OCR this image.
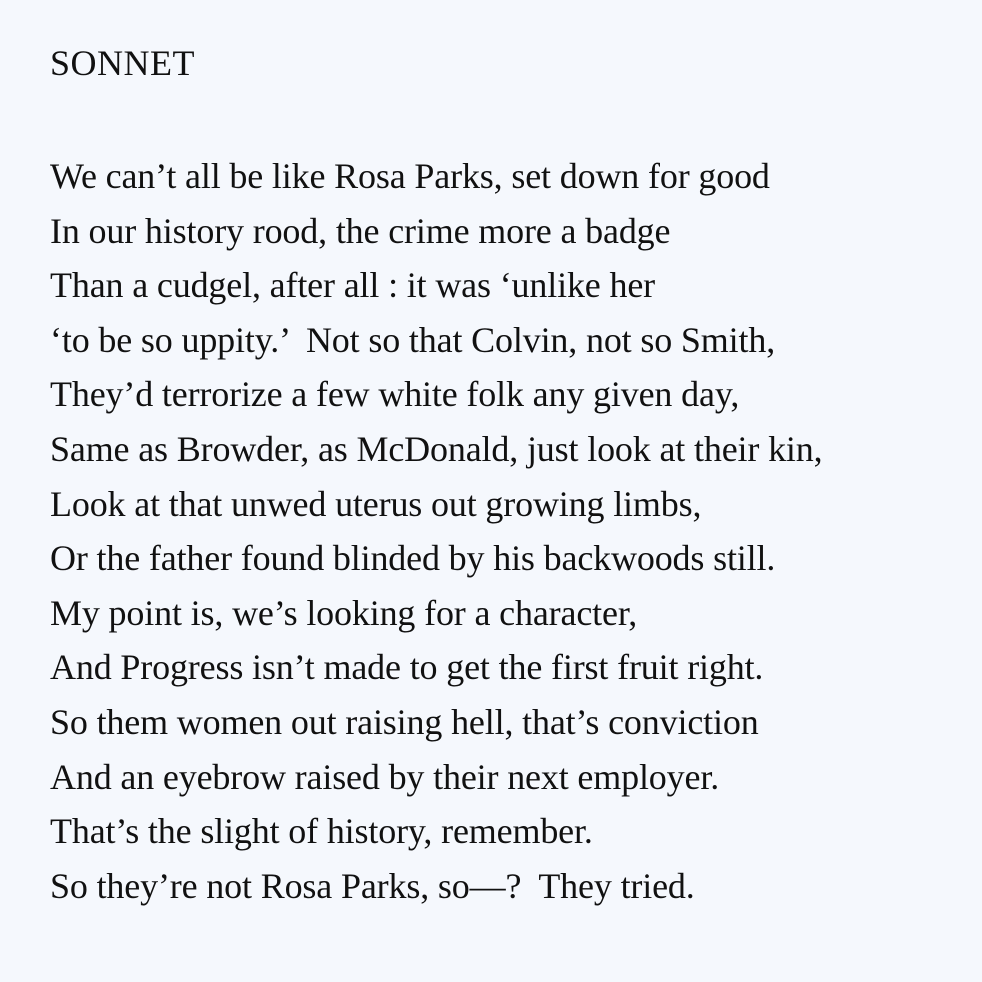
SONNET
We can’t all be like Rosa Parks, set down for good
In our history rood, the crime more a badge
Than a cudgel, after all : it was ‘unlike her
‘to be so uppity.’  Not so that Colvin, not so Smith,
They’d terrorize a few white folk any given day,
Same as Browder, as McDonald, just look at their kin,
Look at that unwed uterus out growing limbs,
Or the father found blinded by his backwoods still.
My point is, we’s looking for a character,
And Progress isn’t made to get the first fruit right.
So them women out raising hell, that’s conviction
And an eyebrow raised by their next employer.
That’s the slight of history, remember.
So they’re not Rosa Parks, so—?  They tried.
